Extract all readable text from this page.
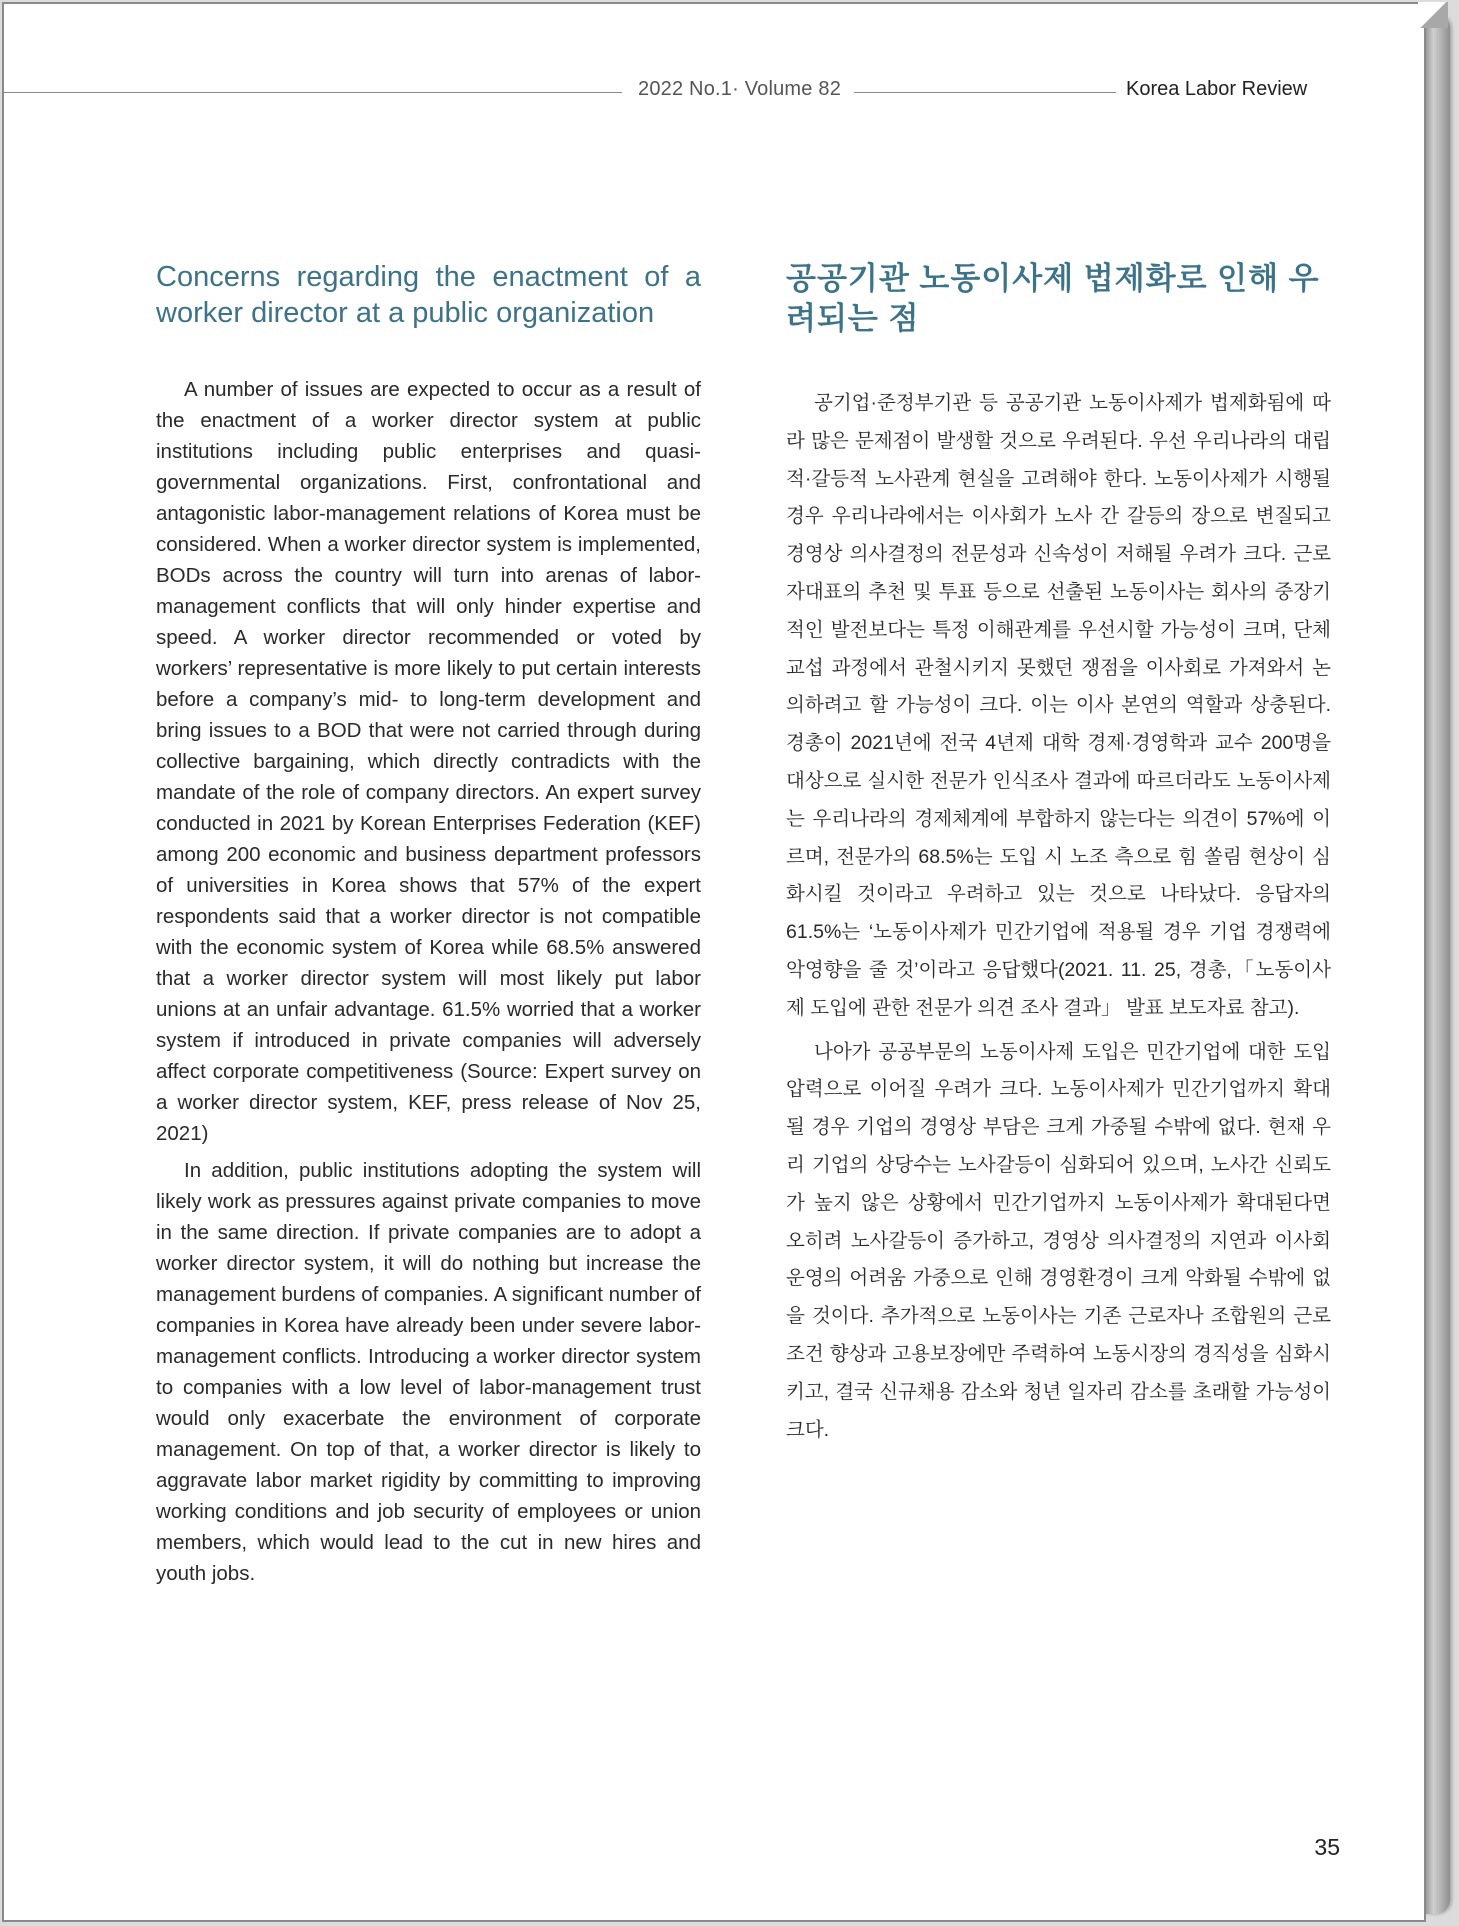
2022 No.1· Volume 82	Korea Labor Review
Concerns regarding the enactment of a worker director at a public organization

A number of issues are expected to occur as a result of the enactment of a worker director system at public institutions including public enterprises and quasi-governmental organizations. First, confrontational and antagonistic labor-management relations of Korea must be considered. When a worker director system is implemented, BODs across the country will turn into arenas of labor-management conflicts that will only hinder expertise and speed. A worker director recommended or voted by workers’ representative is more likely to put certain interests before a company’s mid- to long-term development and bring issues to a BOD that were not carried through during collective bargaining, which directly contradicts with the mandate of the role of company directors. An expert survey conducted in 2021 by Korean Enterprises Federation (KEF) among 200 economic and business department professors of universities in Korea shows that 57% of the expert respondents said that a worker director is not compatible with the economic system of Korea while 68.5% answered that a worker director system will most likely put labor unions at an unfair advantage. 61.5% worried that a worker system if introduced in private companies will adversely affect corporate competitiveness (Source: Expert survey on a worker director system, KEF, press release of Nov 25, 2021)

In addition, public institutions adopting the system will likely work as pressures against private companies to move in the same direction. If private companies are to adopt a worker director system, it will do nothing but increase the management burdens of companies. A significant number of companies in Korea have already been under severe labor-management conflicts. Introducing a worker director system to companies with a low level of labor-management trust would only exacerbate the environment of corporate management. On top of that, a worker director is likely to aggravate labor market rigidity by committing to improving working conditions and job security of employees or union members, which would lead to the cut in new hires and youth jobs.

공공기관 노동이사제 법제화로 인해 우려되는 점

공기업·준정부기관 등 공공기관 노동이사제가 법제화됨에 따라 많은 문제점이 발생할 것으로 우려된다. 우선 우리나라의 대립적·갈등적 노사관계 현실을 고려해야 한다. 노동이사제가 시행될 경우 우리나라에서는 이사회가 노사 간 갈등의 장으로 변질되고 경영상 의사결정의 전문성과 신속성이 저해될 우려가 크다. 근로자대표의 추천 및 투표 등으로 선출된 노동이사는 회사의 중장기적인 발전보다는 특정 이해관계를 우선시할 가능성이 크며, 단체교섭 과정에서 관철시키지 못했던 쟁점을 이사회로 가져와서 논의하려고 할 가능성이 크다. 이는 이사 본연의 역할과 상충된다. 경총이 2021년에 전국 4년제 대학 경제·경영학과 교수 200명을 대상으로 실시한 전문가 인식조사 결과에 따르더라도 노동이사제는 우리나라의 경제체계에 부합하지 않는다는 의견이 57%에 이르며, 전문가의 68.5%는 도입 시 노조 측으로 힘 쏠림 현상이 심화시킬 것이라고 우려하고 있는 것으로 나타났다. 응답자의 61.5%는 ‘노동이사제가 민간기업에 적용될 경우 기업 경쟁력에 악영향을 줄 것’이라고 응답했다(2021. 11. 25, 경총,「노동이사제 도입에 관한 전문가 의견 조사 결과」 발표 보도자료 참고).

나아가 공공부문의 노동이사제 도입은 민간기업에 대한 도입 압력으로 이어질 우려가 크다. 노동이사제가 민간기업까지 확대될 경우 기업의 경영상 부담은 크게 가중될 수밖에 없다. 현재 우리 기업의 상당수는 노사갈등이 심화되어 있으며, 노사간 신뢰도가 높지 않은 상황에서 민간기업까지 노동이사제가 확대된다면 오히려 노사갈등이 증가하고, 경영상 의사결정의 지연과 이사회 운영의 어려움 가중으로 인해 경영환경이 크게 악화될 수밖에 없을 것이다. 추가적으로 노동이사는 기존 근로자나 조합원의 근로조건 향상과 고용보장에만 주력하여 노동시장의 경직성을 심화시키고, 결국 신규채용 감소와 청년 일자리 감소를 초래할 가능성이 크다.

35
